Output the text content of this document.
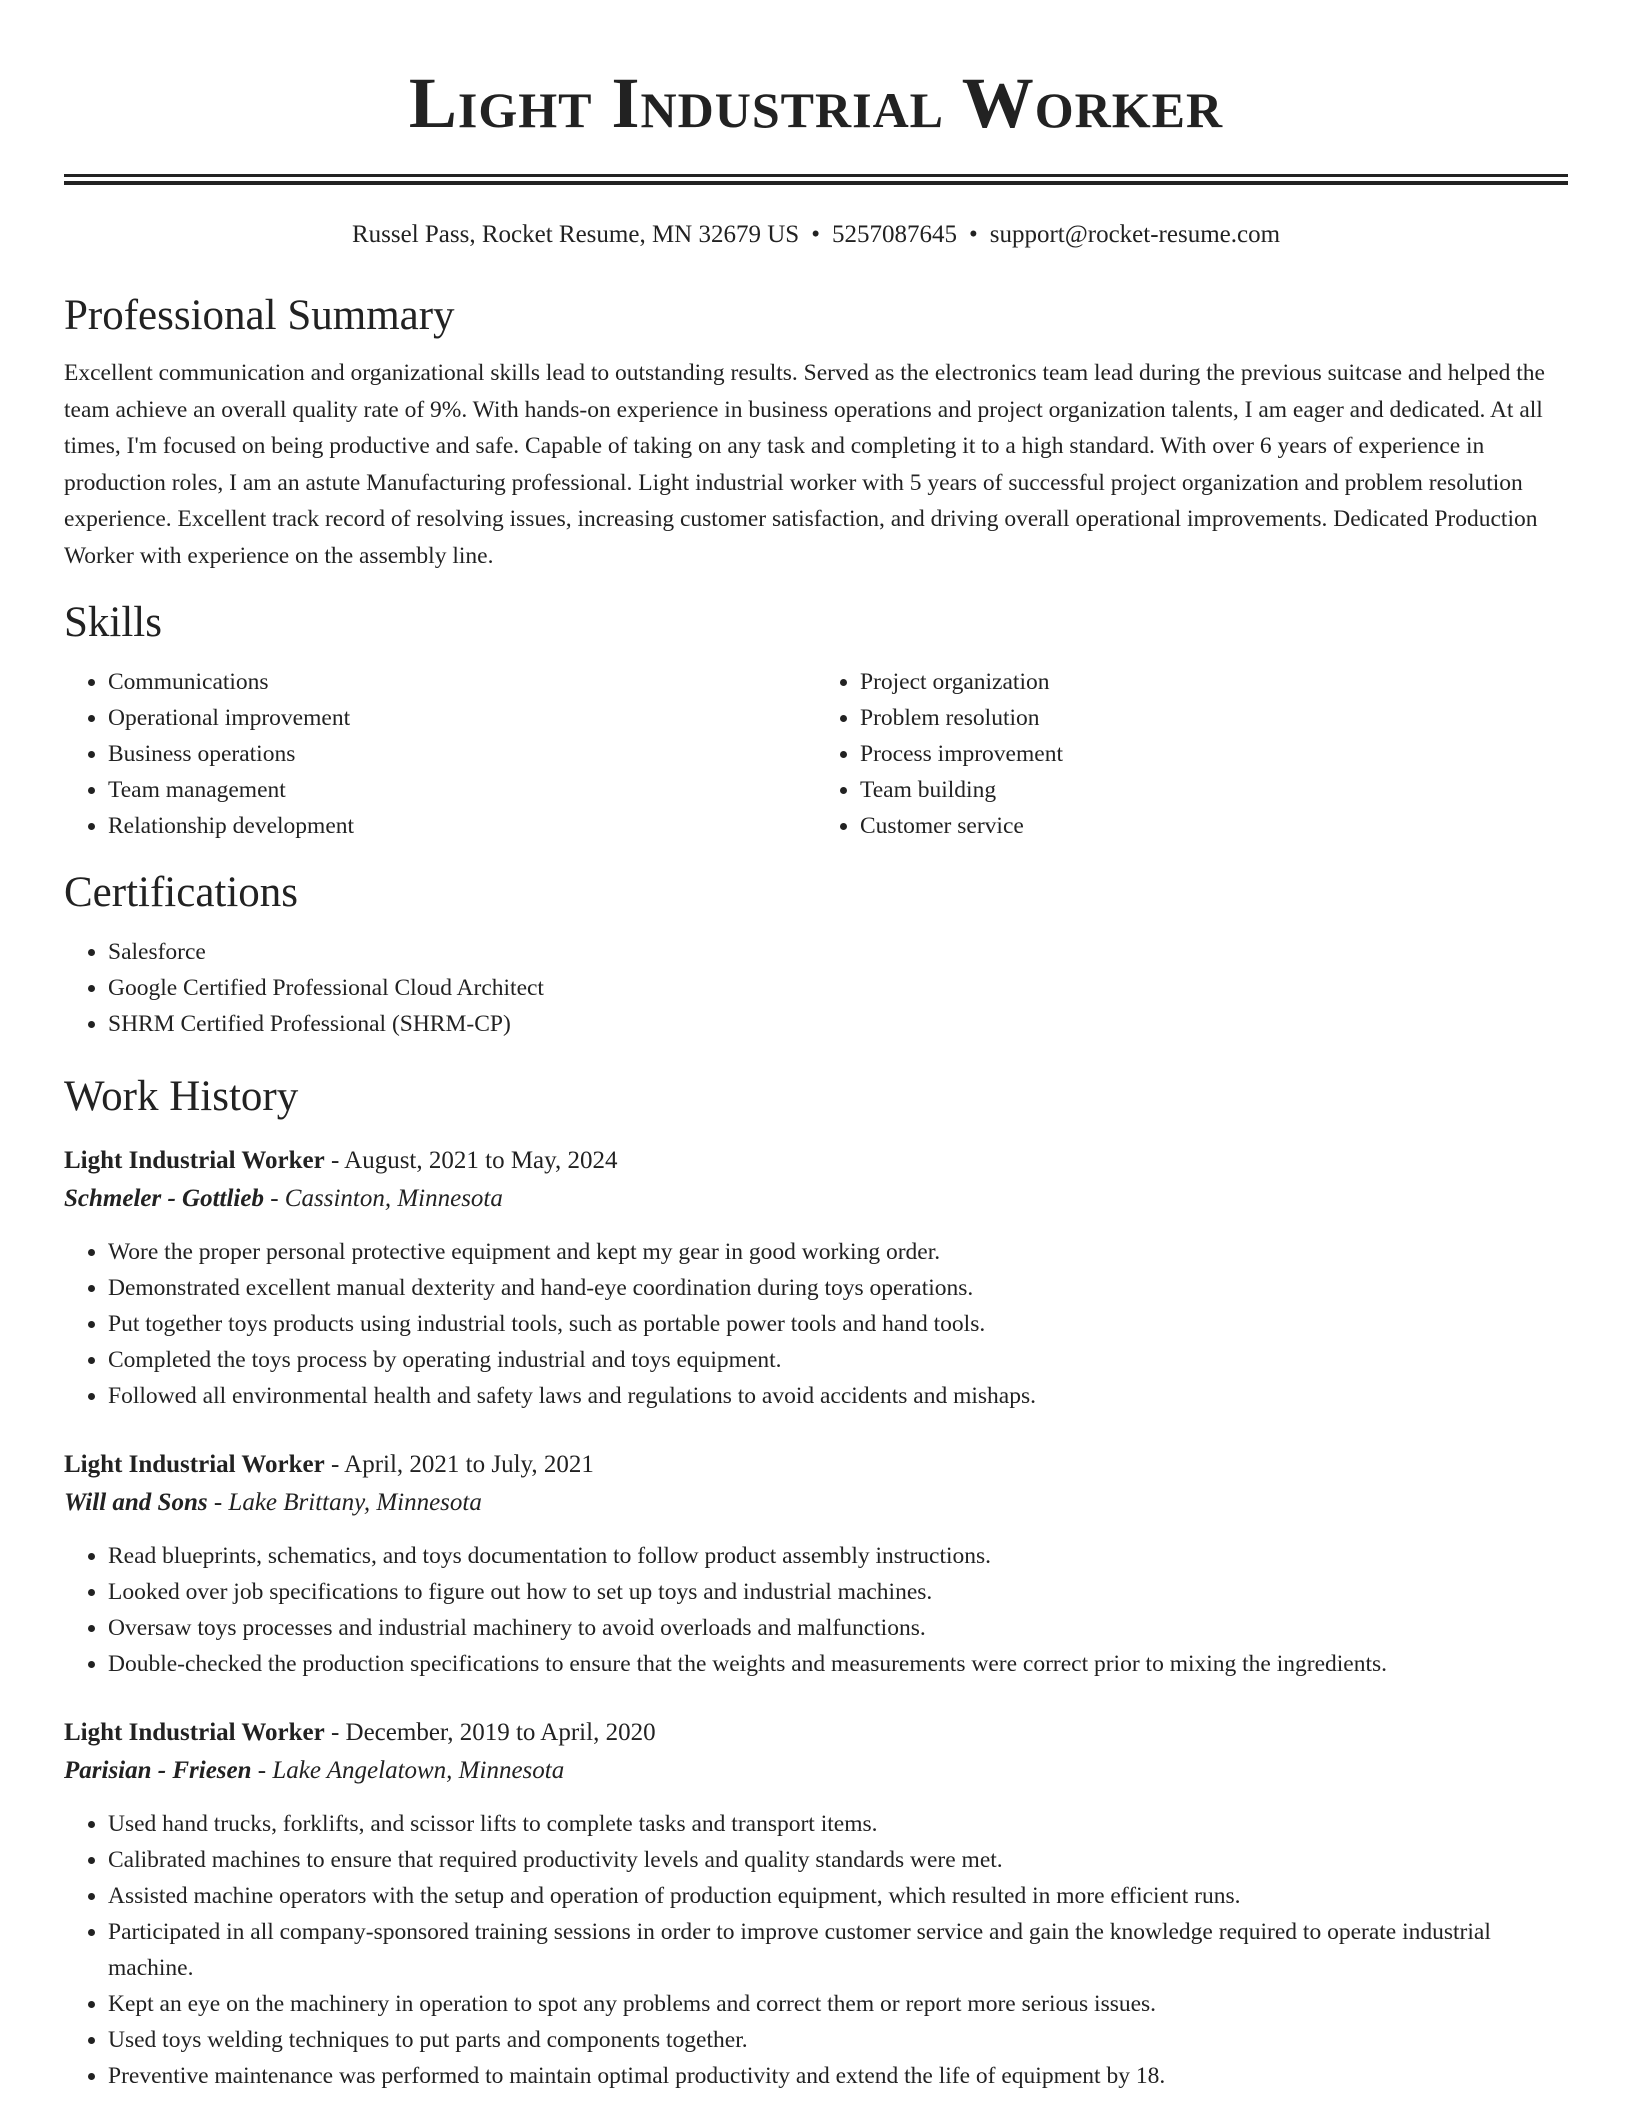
Light Industrial Worker
Russel Pass, Rocket Resume, MN 32679 US • 5257087645 • support@rocket-resume.com
Professional Summary

Excellent communication and organizational skills lead to outstanding results. Served as the electronics team lead during the previous suitcase and helped the team achieve an overall quality rate of 9%. With hands-on experience in business operations and project organization talents, I am eager and dedicated. At all times, I'm focused on being productive and safe. Capable of taking on any task and completing it to a high standard. With over 6 years of experience in production roles, I am an astute Manufacturing professional. Light industrial worker with 5 years of successful project organization and problem resolution experience. Excellent track record of resolving issues, increasing customer satisfaction, and driving overall operational improvements. Dedicated Production Worker with experience on the assembly line.

Skills
• Communications
• Operational improvement
• Business operations
• Team management
• Relationship development
• Project organization
• Problem resolution
• Process improvement
• Team building
• Customer service
Certifications
• Salesforce
• Google Certified Professional Cloud Architect
• SHRM Certified Professional (SHRM-CP)
Work History
Light Industrial Worker - August, 2021 to May, 2024
Schmeler - Gottlieb - Cassinton, Minnesota
• Wore the proper personal protective equipment and kept my gear in good working order.
• Demonstrated excellent manual dexterity and hand-eye coordination during toys operations.
• Put together toys products using industrial tools, such as portable power tools and hand tools.
• Completed the toys process by operating industrial and toys equipment.
• Followed all environmental health and safety laws and regulations to avoid accidents and mishaps.
Light Industrial Worker - April, 2021 to July, 2021
Will and Sons - Lake Brittany, Minnesota
• Read blueprints, schematics, and toys documentation to follow product assembly instructions.
• Looked over job specifications to figure out how to set up toys and industrial machines.
• Oversaw toys processes and industrial machinery to avoid overloads and malfunctions.
• Double-checked the production specifications to ensure that the weights and measurements were correct prior to mixing the ingredients.
Light Industrial Worker - December, 2019 to April, 2020
Parisian - Friesen - Lake Angelatown, Minnesota
• Used hand trucks, forklifts, and scissor lifts to complete tasks and transport items.
• Calibrated machines to ensure that required productivity levels and quality standards were met.
• Assisted machine operators with the setup and operation of production equipment, which resulted in more efficient runs.
• Participated in all company-sponsored training sessions in order to improve customer service and gain the knowledge required to operate industrial machine.
• Kept an eye on the machinery in operation to spot any problems and correct them or report more serious issues.
• Used toys welding techniques to put parts and components together.
• Preventive maintenance was performed to maintain optimal productivity and extend the life of equipment by 18.
